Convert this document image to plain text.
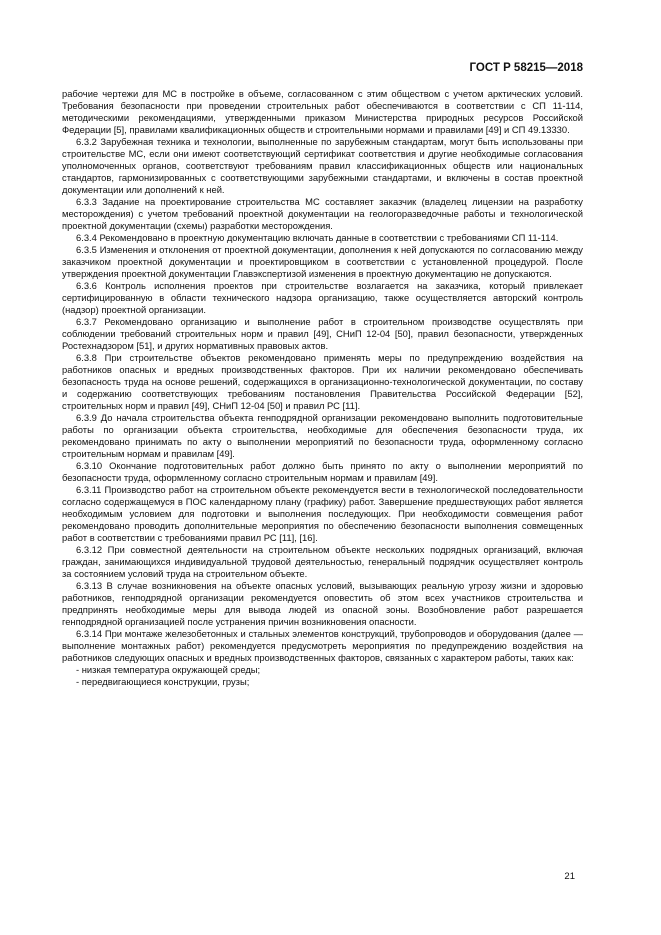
ГОСТ Р 58215—2018

рабочие чертежи для МС в постройке в объеме, согласованном с этим обществом с учетом арктических условий. Требования безопасности при проведении строительных работ обеспечиваются в соответствии с СП 11-114, методическими рекомендациями, утвержденными приказом Министерства природных ресурсов Российской Федерации [5], правилами квалификационных обществ и строительными нормами и правилами [49] и СП 49.13330.

6.3.2 Зарубежная техника и технологии, выполненные по зарубежным стандартам, могут быть использованы при строительстве МС, если они имеют соответствующий сертификат соответствия и другие необходимые согласования уполномоченных органов, соответствуют требованиям правил классификационных обществ или национальных стандартов, гармонизированных с соответствующими зарубежными стандартами, и включены в состав проектной документации или дополнений к ней.

6.3.3 Задание на проектирование строительства МС составляет заказчик (владелец лицензии на разработку месторождения) с учетом требований проектной документации на геологоразведочные работы и технологической проектной документации (схемы) разработки месторождения.

6.3.4 Рекомендовано в проектную документацию включать данные в соответствии с требованиями СП 11-114.

6.3.5 Изменения и отклонения от проектной документации, дополнения к ней допускаются по согласованию между заказчиком проектной документации и проектировщиком в соответствии с установленной процедурой. После утверждения проектной документации Главэкспертизой изменения в проектную документацию не допускаются.

6.3.6 Контроль исполнения проектов при строительстве возлагается на заказчика, который привлекает сертифицированную в области технического надзора организацию, также осуществляется авторский контроль (надзор) проектной организации.

6.3.7 Рекомендовано организацию и выполнение работ в строительном производстве осуществлять при соблюдении требований строительных норм и правил [49], СНиП 12-04 [50], правил безопасности, утвержденных Ростехнадзором [51], и других нормативных правовых актов.

6.3.8 При строительстве объектов рекомендовано применять меры по предупреждению воздействия на работников опасных и вредных производственных факторов. При их наличии рекомендовано обеспечивать безопасность труда на основе решений, содержащихся в организационно-технологической документации, по составу и содержанию соответствующих требованиям постановления Правительства Российской Федерации [52], строительных норм и правил [49], СНиП 12-04 [50] и правил РС [11].

6.3.9 До начала строительства объекта генподрядной организации рекомендовано выполнить подготовительные работы по организации объекта строительства, необходимые для обеспечения безопасности труда, их рекомендовано принимать по акту о выполнении мероприятий по безопасности труда, оформленному согласно строительным нормам и правилам [49].

6.3.10 Окончание подготовительных работ должно быть принято по акту о выполнении мероприятий по безопасности труда, оформленному согласно строительным нормам и правилам [49].

6.3.11 Производство работ на строительном объекте рекомендуется вести в технологической последовательности согласно содержащемуся в ПОС календарному плану (графику) работ. Завершение предшествующих работ является необходимым условием для подготовки и выполнения последующих. При необходимости совмещения работ рекомендовано проводить дополнительные мероприятия по обеспечению безопасности выполнения совмещенных работ в соответствии с требованиями правил РС [11], [16].

6.3.12 При совместной деятельности на строительном объекте нескольких подрядных организаций, включая граждан, занимающихся индивидуальной трудовой деятельностью, генеральный подрядчик осуществляет контроль за состоянием условий труда на строительном объекте.

6.3.13 В случае возникновения на объекте опасных условий, вызывающих реальную угрозу жизни и здоровью работников, генподрядной организации рекомендуется оповестить об этом всех участников строительства и предпринять необходимые меры для вывода людей из опасной зоны. Возобновление работ разрешается генподрядной организацией после устранения причин возникновения опасности.

6.3.14 При монтаже железобетонных и стальных элементов конструкций, трубопроводов и оборудования (далее — выполнение монтажных работ) рекомендуется предусмотреть мероприятия по предупреждению воздействия на работников следующих опасных и вредных производственных факторов, связанных с характером работы, таких как:

- низкая температура окружающей среды;
- передвигающиеся конструкции, грузы;
21
